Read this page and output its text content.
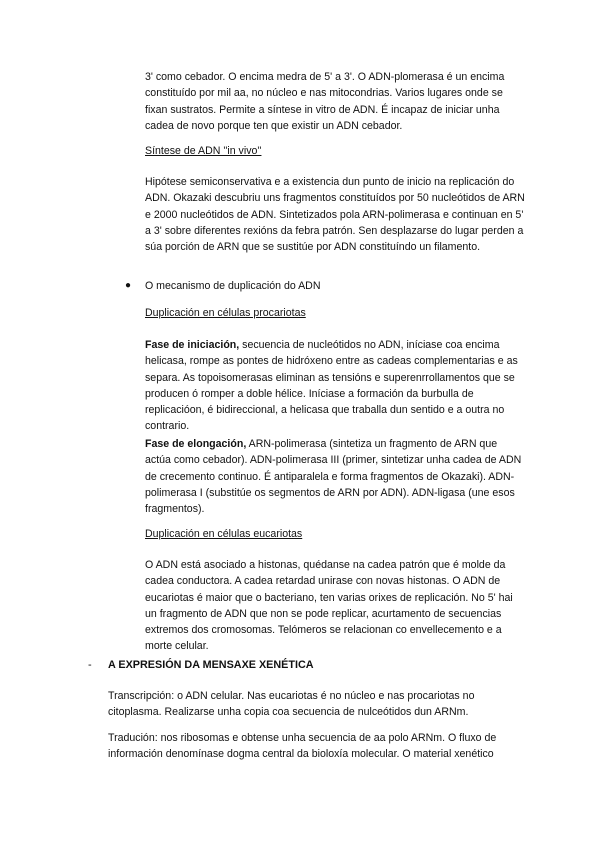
3' como cebador. O encima medra de 5' a 3'. O ADN-plomerasa é un encima constituído por mil aa, no núcleo e nas mitocondrias. Varios lugares onde se fixan sustratos. Permite a síntese in vitro de ADN. É incapaz de iniciar unha cadea de novo porque ten que existir un ADN cebador.

Síntese de ADN ''in vivo''

Hipótese semiconservativa e a existencia dun punto de inicio na replicación do ADN. Okazaki descubriu uns fragmentos constituídos por 50 nucleótidos de ARN e 2000 nucleótidos de ADN. Sintetizados pola ARN-polimerasa e continuan en 5' a 3' sobre diferentes rexións da febra patrón. Sen desplazarse do lugar perden a súa porción de ARN que se sustitúe por ADN constituíndo un filamento.

●	O mecanismo de duplicación do ADN

Duplicación en células procariotas

Fase de iniciación, secuencia de nucleótidos no ADN, iníciase coa encima helicasa, rompe as pontes de hidróxeno entre as cadeas complementarias e as separa. As topoisomerasas eliminan as tensións e superenrrollamentos que se producen ó romper a doble hélice. Iníciase a formación da burbulla de replicacióon, é bidireccional, a helicasa que traballa dun sentido e a outra no contrario.

Fase de elongación, ARN-polimerasa (sintetiza un fragmento de ARN que actúa como cebador). ADN-polimerasa III (primer, sintetizar unha cadea de ADN de crecemento continuo. É antiparalela e forma fragmentos de Okazaki). ADN-polimerasa I (substitúe os segmentos de ARN por ADN). ADN-ligasa (une esos fragmentos).

Duplicación en células eucariotas

O ADN está asociado a histonas, quédanse na cadea patrón que é molde da cadea conductora. A cadea retardad unirase con novas histonas. O ADN de eucariotas é maior que o bacteriano, ten varias orixes de replicación. No 5' hai un fragmento de ADN que non se pode replicar, acurtamento de secuencias extremos dos cromosomas. Telómeros se relacionan co envellecemento e a morte celular.

-	A EXPRESIÓN DA MENSAXE XENÉTICA

Transcripción: o ADN celular. Nas eucariotas é no núcleo e nas procariotas no citoplasma. Realizarse unha copia coa secuencia de nulceótidos dun ARNm.

Tradución: nos ribosomas e obtense unha secuencia de aa polo ARNm. O fluxo de información denomínase dogma central da bioloxía molecular. O material xenético
